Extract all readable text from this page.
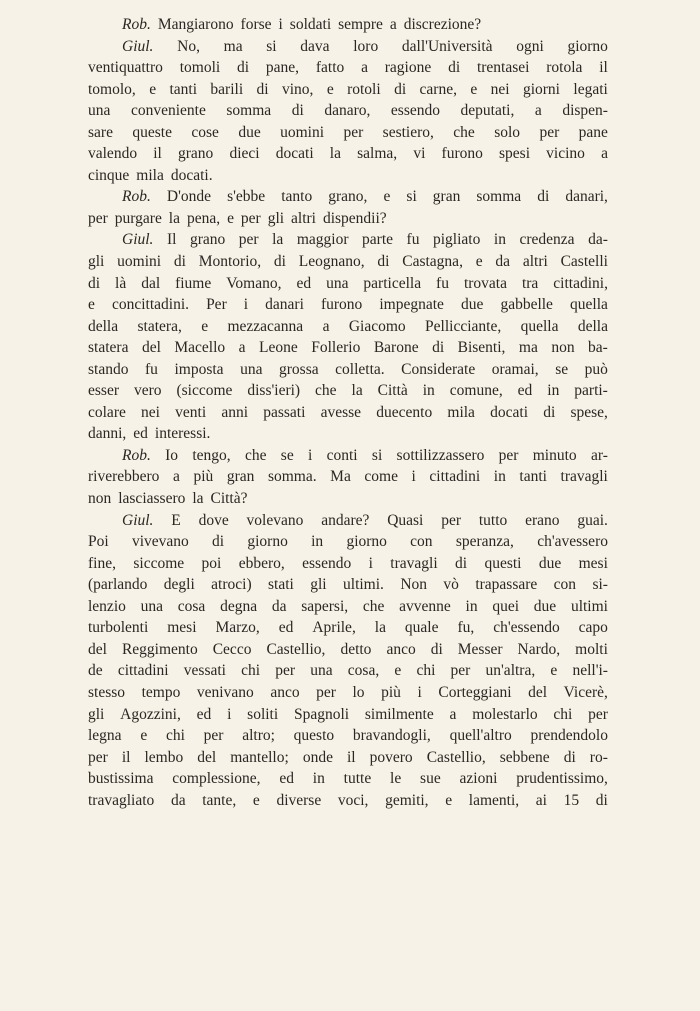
Rob. Mangiarono forse i soldati sempre a discrezione?
Giul. No, ma si dava loro dall'Università ogni giorno
ventiquattro tomoli di pane, fatto a ragione di trentasei rotola il
tomolo, e tanti barili di vino, e rotoli di carne, e nei giorni legati
una conveniente somma di danaro, essendo deputati, a dispen-
sare queste cose due uomini per sestiero, che solo per pane
valendo il grano dieci docati la salma, vi furono spesi vicino a
cinque mila docati.
Rob. D'onde s'ebbe tanto grano, e si gran somma di danari,
per purgare la pena, e per gli altri dispendii?
Giul. Il grano per la maggior parte fu pigliato in credenza da-
gli uomini di Montorio, di Leognano, di Castagna, e da altri Castelli
di là dal fiume Vomano, ed una particella fu trovata tra cittadini,
e concittadini. Per i danari furono impegnate due gabbelle quella
della statera, e mezzacanna a Giacomo Pellicciante, quella della
statera del Macello a Leone Follerio Barone di Bisenti, ma non ba-
stando fu imposta una grossa colletta. Considerate oramai, se può
esser vero (siccome diss'ieri) che la Città in comune, ed in parti-
colare nei venti anni passati avesse duecento mila docati di spese,
danni, ed interessi.
Rob. Io tengo, che se i conti si sottilizzassero per minuto ar-
riverebbero a più gran somma. Ma come i cittadini in tanti travagli
non lasciassero la Città?
Giul. E dove volevano andare? Quasi per tutto erano guai.
Poi vivevano di giorno in giorno con speranza, ch'avessero
fine, siccome poi ebbero, essendo i travagli di questi due mesi
(parlando degli atroci) stati gli ultimi. Non vò trapassare con si-
lenzio una cosa degna da sapersi, che avvenne in quei due ultimi
turbolenti mesi Marzo, ed Aprile, la quale fu, ch'essendo capo
del Reggimento Cecco Castellio, detto anco di Messer Nardo, molti
de cittadini vessati chi per una cosa, e chi per un'altra, e nell'i-
stesso tempo venivano anco per lo più i Corteggiani del Vicerè,
gli Agozzini, ed i soliti Spagnoli similmente a molestarlo chi per
legna e chi per altro; questo bravandogli, quell'altro prendendolo
per il lembo del mantello; onde il povero Castellio, sebbene di ro-
bustissima complessione, ed in tutte le sue azioni prudentissimo,
travagliato da tante, e diverse voci, gemiti, e lamenti, ai 15 di
